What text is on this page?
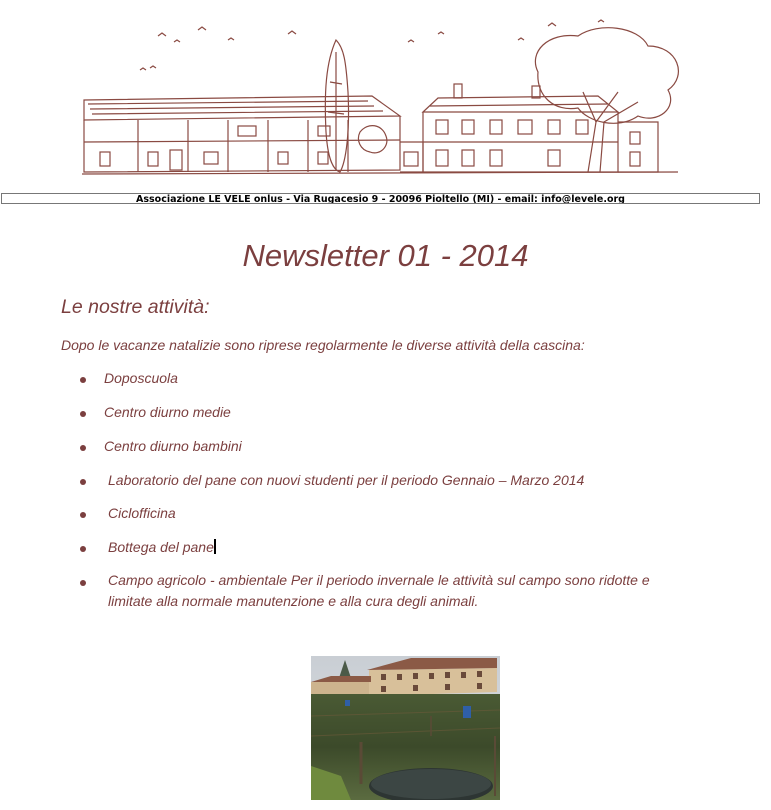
Associazione LE VELE onlus - Via Rugacesio 9 - 20096 Pioltello (MI) - email: info@levele.org
Newsletter 01 - 2014
Le nostre attività:
Dopo le vacanze natalizie sono riprese regolarmente le diverse attività della cascina:
Doposcuola
Centro diurno medie
Centro diurno bambini
Laboratorio del pane con nuovi studenti per il periodo Gennaio – Marzo 2014
Ciclofficina
Bottega del pane
Campo agricolo - ambientale Per il periodo invernale le attività sul campo sono ridotte e
limitate alla normale manutenzione e alla cura degli animali.
